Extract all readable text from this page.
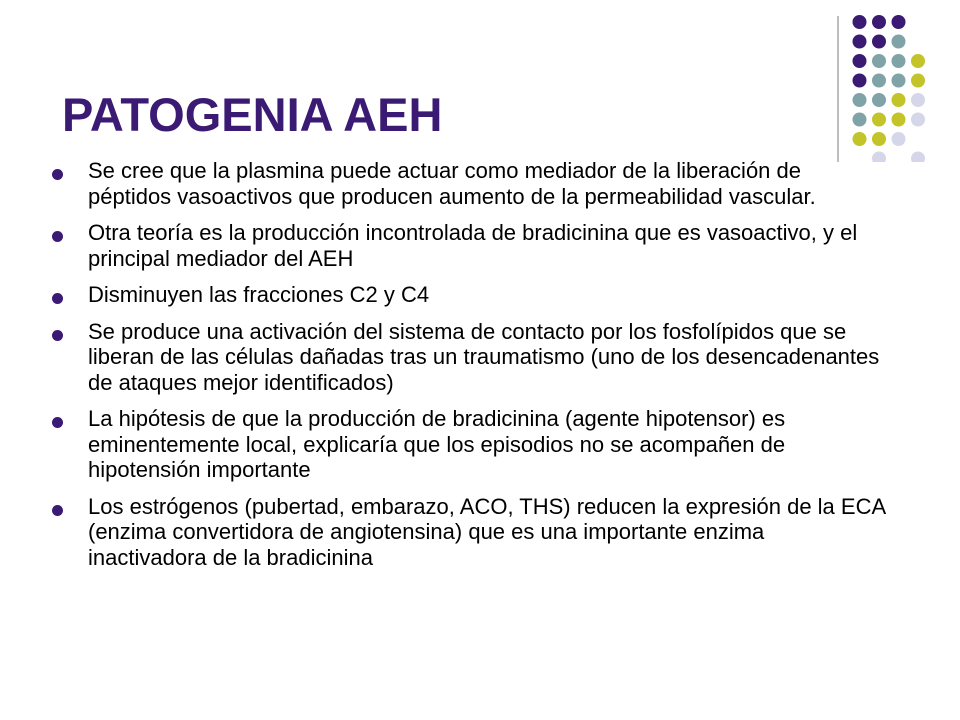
PATOGENIA AEH
Se cree que la plasmina puede actuar como mediador de la liberación de péptidos vasoactivos que producen aumento de la permeabilidad vascular.
Otra teoría es la producción incontrolada de bradicinina que es vasoactivo, y el principal mediador del AEH
Disminuyen las fracciones C2 y C4
Se produce una activación del sistema de contacto por los fosfolípidos que se liberan de las células dañadas tras un traumatismo (uno de los desencadenantes de ataques mejor identificados)
La hipótesis de que la producción de bradicinina (agente hipotensor) es eminentemente local, explicaría que los episodios no se acompañen de hipotensión importante
Los estrógenos (pubertad, embarazo, ACO, THS) reducen la expresión de la ECA (enzima convertidora de angiotensina) que es una importante enzima inactivadora de la bradicinina
